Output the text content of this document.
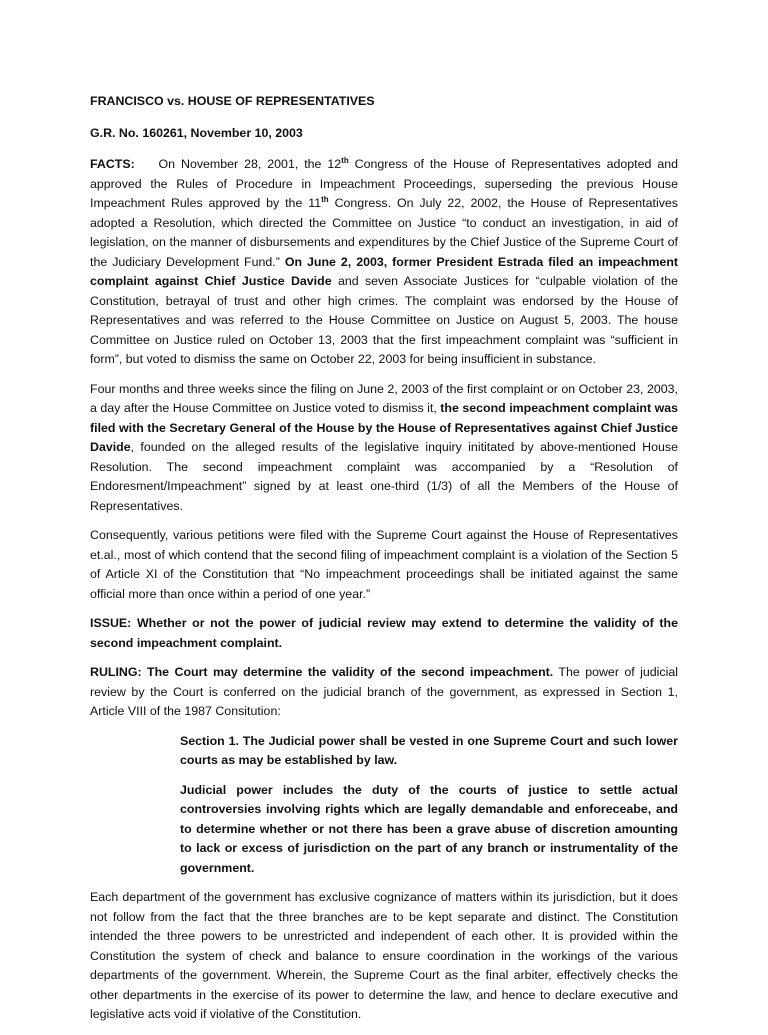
FRANCISCO vs. HOUSE OF REPRESENTATIVES
G.R. No. 160261, November 10, 2003

FACTS: On November 28, 2001, the 12th Congress of the House of Representatives adopted and approved the Rules of Procedure in Impeachment Proceedings, superseding the previous House Impeachment Rules approved by the 11th Congress. On July 22, 2002, the House of Representatives adopted a Resolution, which directed the Committee on Justice “to conduct an investigation, in aid of legislation, on the manner of disbursements and expenditures by the Chief Justice of the Supreme Court of the Judiciary Development Fund.” On June 2, 2003, former President Estrada filed an impeachment complaint against Chief Justice Davide and seven Associate Justices for “culpable violation of the Constitution, betrayal of trust and other high crimes. The complaint was endorsed by the House of Representatives and was referred to the House Committee on Justice on August 5, 2003. The house Committee on Justice ruled on October 13, 2003 that the first impeachment complaint was “sufficient in form”, but voted to dismiss the same on October 22, 2003 for being insufficient in substance.

Four months and three weeks since the filing on June 2, 2003 of the first complaint or on October 23, 2003, a day after the House Committee on Justice voted to dismiss it, the second impeachment complaint was filed with the Secretary General of the House by the House of Representatives against Chief Justice Davide, founded on the alleged results of the legislative inquiry inititated by above-mentioned House Resolution. The second impeachment complaint was accompanied by a “Resolution of Endoresment/Impeachment” signed by at least one-third (1/3) of all the Members of the House of Representatives.

Consequently, various petitions were filed with the Supreme Court against the House of Representatives et.al., most of which contend that the second filing of impeachment complaint is a violation of the Section 5 of Article XI of the Constitution that “No impeachment proceedings shall be initiated against the same official more than once within a period of one year.”

ISSUE: Whether or not the power of judicial review may extend to determine the validity of the second impeachment complaint.

RULING: The Court may determine the validity of the second impeachment. The power of judicial review by the Court is conferred on the judicial branch of the government, as expressed in Section 1, Article VIII of the 1987 Consitution:

Section 1. The Judicial power shall be vested in one Supreme Court and such lower courts as may be established by law.

Judicial power includes the duty of the courts of justice to settle actual controversies involving rights which are legally demandable and enforeceabe, and to determine whether or not there has been a grave abuse of discretion amounting to lack or excess of jurisdiction on the part of any branch or instrumentality of the government.

Each department of the government has exclusive cognizance of matters within its jurisdiction, but it does not follow from the fact that the three branches are to be kept separate and distinct. The Constitution intended the three powers to be unrestricted and independent of each other. It is provided within the Constitution the system of check and balance to ensure coordination in the workings of the various departments of the government. Wherein, the Supreme Court as the final arbiter, effectively checks the other departments in the exercise of its power to determine the law, and hence to declare executive and legislative acts void if violative of the Constitution.
